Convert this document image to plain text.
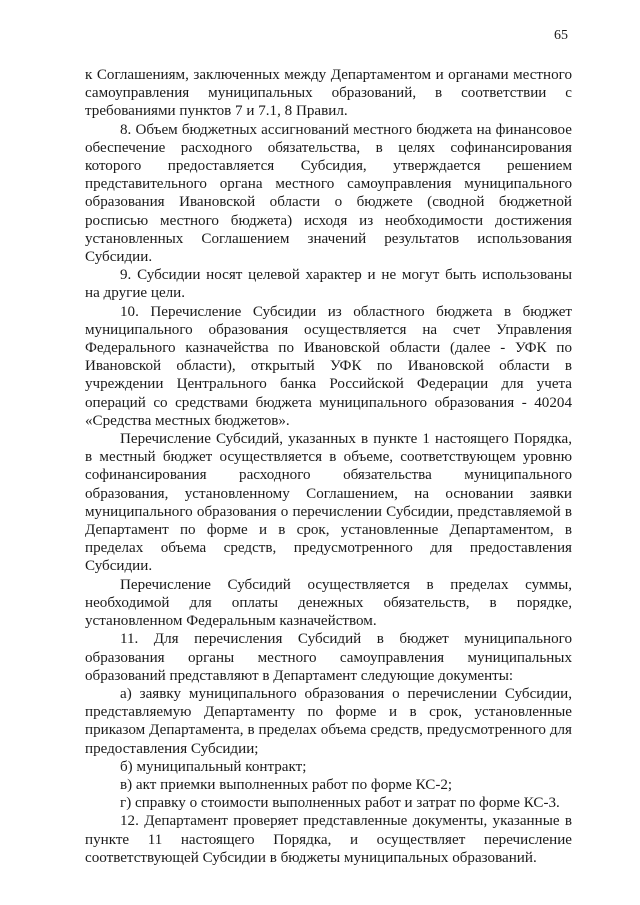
65

к Соглашениям, заключенных между Департаментом и органами местного самоуправления муниципальных образований, в соответствии с требованиями пунктов 7 и 7.1, 8 Правил.

8. Объем бюджетных ассигнований местного бюджета на финансовое обеспечение расходного обязательства, в целях софинансирования которого предоставляется Субсидия, утверждается решением представительного органа местного самоуправления муниципального образования Ивановской области о бюджете (сводной бюджетной росписью местного бюджета) исходя из необходимости достижения установленных Соглашением значений результатов использования Субсидии.

9. Субсидии носят целевой характер и не могут быть использованы на другие цели.

10. Перечисление Субсидии из областного бюджета в бюджет муниципального образования осуществляется на счет Управления Федерального казначейства по Ивановской области (далее - УФК по Ивановской области), открытый УФК по Ивановской области в учреждении Центрального банка Российской Федерации для учета операций со средствами бюджета муниципального образования - 40204 «Средства местных бюджетов».

Перечисление Субсидий, указанных в пункте 1 настоящего Порядка, в местный бюджет осуществляется в объеме, соответствующем уровню софинансирования расходного обязательства муниципального образования, установленному Соглашением, на основании заявки муниципального образования о перечислении Субсидии, представляемой в Департамент по форме и в срок, установленные Департаментом, в пределах объема средств, предусмотренного для предоставления Субсидии.

Перечисление Субсидий осуществляется в пределах суммы, необходимой для оплаты денежных обязательств, в порядке, установленном Федеральным казначейством.

11. Для перечисления Субсидий в бюджет муниципального образования органы местного самоуправления муниципальных образований представляют в Департамент следующие документы:

а) заявку муниципального образования о перечислении Субсидии, представляемую Департаменту по форме и в срок, установленные приказом Департамента, в пределах объема средств, предусмотренного для предоставления Субсидии;

б) муниципальный контракт;

в) акт приемки выполненных работ по форме КС-2;

г) справку о стоимости выполненных работ и затрат по форме КС-3.

12. Департамент проверяет представленные документы, указанные в пункте 11 настоящего Порядка, и осуществляет перечисление соответствующей Субсидии в бюджеты муниципальных образований.
